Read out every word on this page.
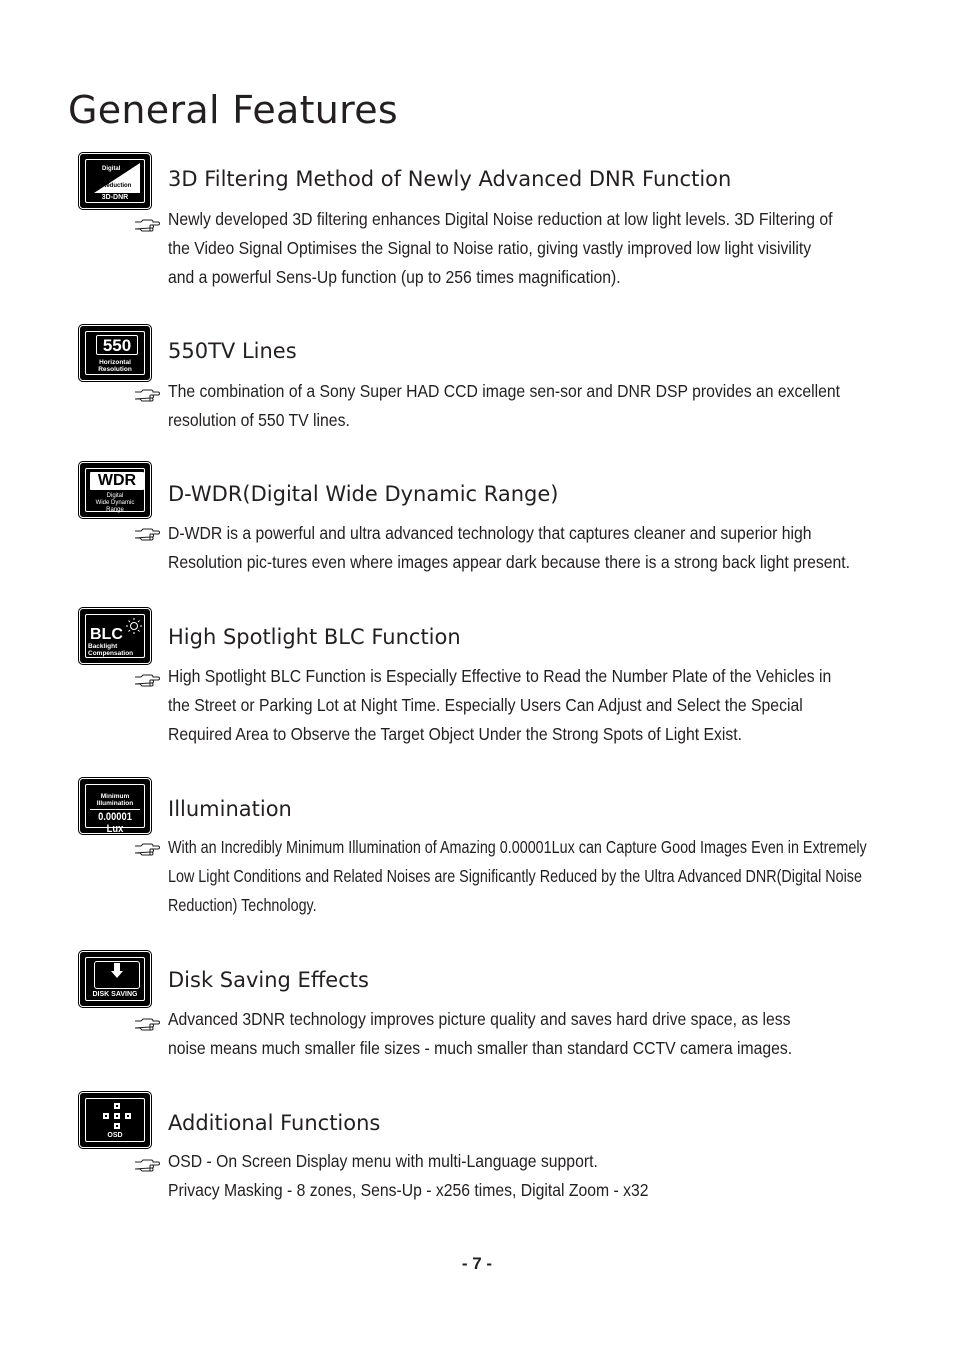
General Features
Digital
Noise
Reduction
3D-DNR
3D Filtering Method of Newly Advanced DNR Function

Newly developed 3D filtering enhances Digital Noise reduction at low light levels. 3D Filtering of
the Video Signal Optimises the Signal to Noise ratio, giving vastly improved low light visivility
and a powerful Sens-Up function (up to 256 times magnification).

550
Horizontal
Resolution
550TV Lines

The combination of a Sony Super HAD CCD image sen-sor and DNR DSP provides an excellent
resolution of 550 TV lines.

WDR
Digital
Wide Dynamic Range
D-WDR(Digital Wide Dynamic Range)

D-WDR is a powerful and ultra advanced technology that captures cleaner and superior high
Resolution pic-tures even where images appear dark because there is a strong back light present.

BLC
Backlight
Compensation
High Spotlight BLC Function

High Spotlight BLC Function is Especially Effective to Read the Number Plate of the Vehicles in
the Street or Parking Lot at Night Time. Especially Users Can Adjust and Select the Special
Required Area to Observe the Target Object Under the Strong Spots of Light Exist.

Minimum
Illumination
0.00001 Lux
Illumination

With an Incredibly Minimum Illumination of Amazing 0.00001Lux can Capture Good Images Even in Extremely
Low Light Conditions and Related Noises are Significantly Reduced by the Ultra Advanced DNR(Digital Noise
Reduction) Technology.

DISK SAVING
Disk Saving Effects

Advanced 3DNR technology improves picture quality and saves hard drive space, as less
noise means much smaller file sizes - much smaller than standard CCTV camera images.

OSD
Additional Functions

OSD - On Screen Display menu with multi-Language support.
Privacy Masking - 8 zones, Sens-Up - x256 times, Digital Zoom - x32

- 7 -
